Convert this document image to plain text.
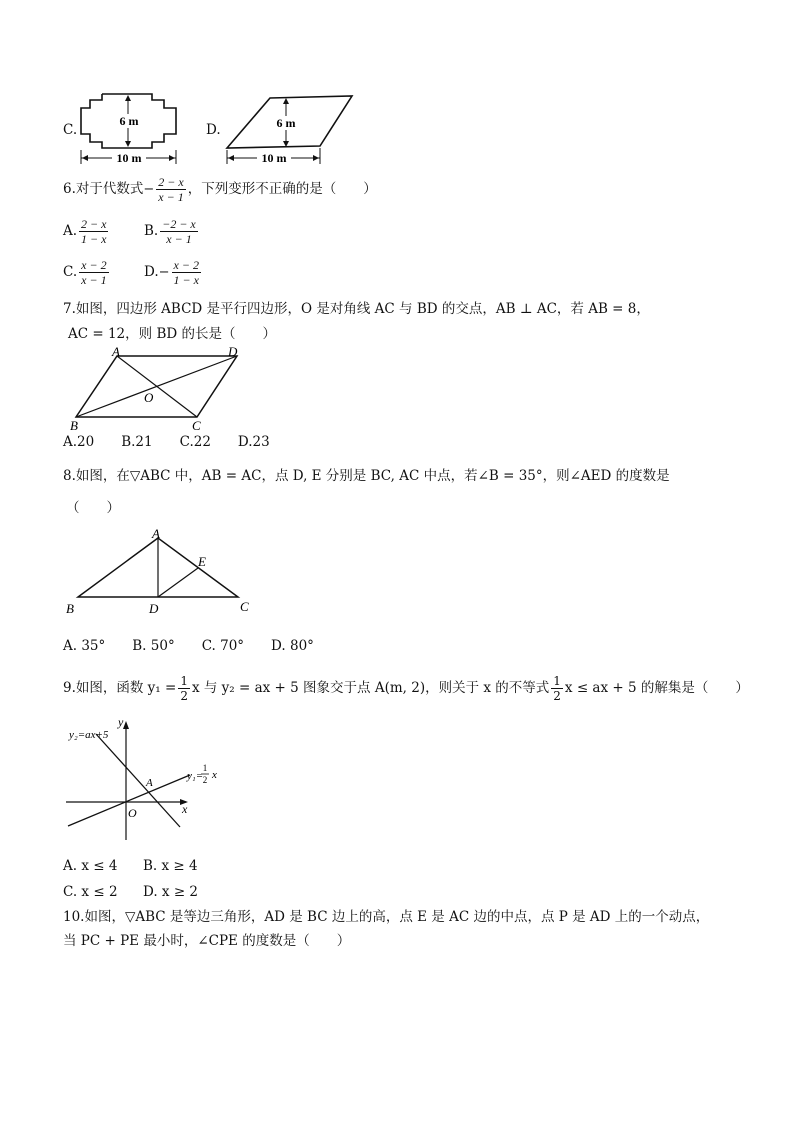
C.
6 m
10 m
D.	6 m
10 m
6.对于代数式− $\frac{2 - x}{x - 1}$ ，下列变形不正确的是（　　）
A. $\frac{2 - x}{1 - x}$	B. $\frac{-2 - x}{x - 1}$
C. $\frac{x - 2}{x - 1}$	$D.- \frac{x - 2}{1 - x}$
7.如图，四边形 ABCD 是平行四边形，O 是对角线 AC 与 BD 的交点，AB ⊥ AC，若 AB = 8，
AC = 12，则 BD 的长是（　　）
A	D
B	C
O
A.20　　B.21　　C.22　　D.23
8.如图，在▽ABC 中，AB = AC，点 D, E 分别是 BC, AC 中点，若∠B = 35°，则∠AED 的度数是
（　　）
A
B	C
D
E
A. 35°　　B. 50°　　C. 70°　　D. 80°
9.如图，函数 $y_1 = \frac{1}{2}$ x 与 y₂ = ax + 5 图象交于点 A(m, 2)，则关于 x 的不等式 $\frac{1}{2}$ x ≤ ax + 5 的解集是（　　）
y₂=ax+5
y₁=
1
2 x
A
O	x
y
A. x ≤ 4 B. x ≥ 4
C. x ≤ 2 D. x ≥ 2
10.如图，▽ABC 是等边三角形，AD 是 BC 边上的高，点 E 是 AC 边的中点，点 P 是 AD 上的一个动点，
当 PC + PE 最小时，∠CPE 的度数是（　　）
